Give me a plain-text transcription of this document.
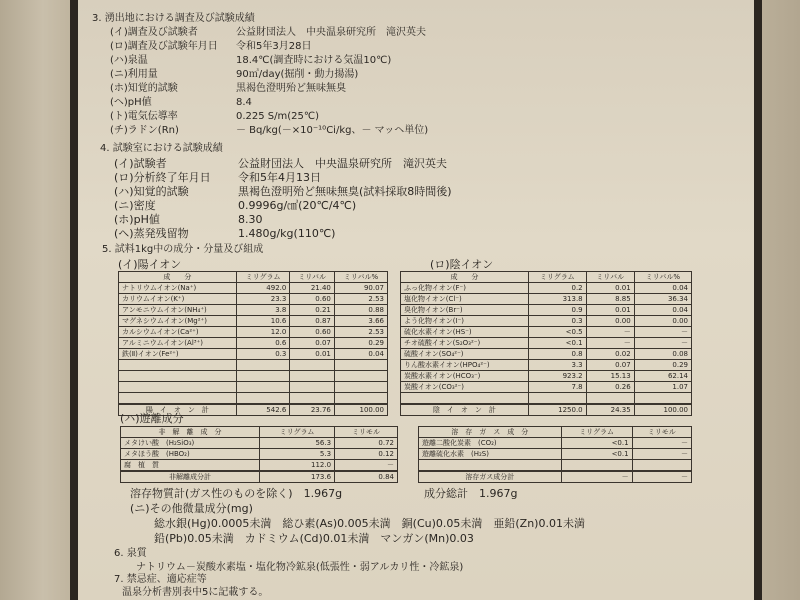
3. 湧出地における調査及び試験成績
(イ)調査及び試験者	公益財団法人　中央温泉研究所　滝沢英夫
(ロ)調査及び試験年月日 令和5年3月28日
(ハ)泉温	18.4℃(調査時における気温10℃)
(ニ)利用量	90㎥/day(掘削・動力揚湯)
(ホ)知覚的試験	黒褐色澄明殆ど無味無臭
(ヘ)pH値	8.4
(ト)電気伝導率	0.225 S/m(25℃)
(チ)ラドン(Rn)	－ Bq/kg(－×10⁻¹⁰Ci/kg、－ マッヘ単位)
4. 試験室における試験成績
(イ)試験者	公益財団法人　中央温泉研究所　滝沢英夫
(ロ)分析終了年月日 令和5年4月13日
(ハ)知覚的試験	黒褐色澄明殆ど無味無臭(試料採取8時間後)
(ニ)密度	0.9996g/㎤(20℃/4℃)
(ホ)pH値	8.30
(ヘ)蒸発残留物	1.480g/kg(110℃)
5. 試料1kg中の成分・分量及び組成
(イ)陽イオン	(ロ)陰イオン
成　　分	ミリグラム	ミリバル	ミリバル%
ナトリウムイオン(Na⁺)	492.0	21.40	90.07
カリウムイオン(K⁺)	23.3	0.60	2.53
アンモニウムイオン(NH₄⁺)	3.8	0.21	0.88
マグネシウムイオン(Mg²⁺)	10.6	0.87	3.66
カルシウムイオン(Ca²⁺)	12.0	0.60	2.53
アルミニウムイオン(Al³⁺)	0.6	0.07	0.29
鉄(Ⅱ)イオン(Fe²⁺)	0.3	0.01	0.04

陽　イ　オ　ン　計	542.6	23.76	100.00
成　　分	ミリグラム	ミリバル	ミリバル%
ふっ化物イオン(F⁻)	0.2	0.01	0.04
塩化物イオン(Cl⁻)	313.8	8.85	36.34
臭化物イオン(Br⁻)	0.9	0.01	0.04
よう化物イオン(I⁻)	0.3	0.00	0.00
硫化水素イオン(HS⁻)	<0.5	－	－
チオ硫酸イオン(S₂O₃²⁻)	<0.1	－	－
硫酸イオン(SO₄²⁻)	0.8	0.02	0.08
りん酸水素イオン(HPO₄²⁻)	3.3	0.07	0.29
炭酸水素イオン(HCO₃⁻)	923.2	15.13	62.14
炭酸イオン(CO₃²⁻)	7.8	0.26	1.07

陰　イ　オ　ン　計	1250.0	24.35	100.00
(ハ)遊離成分
非　解　離　成　分	ミリグラム	ミリモル
メタけい酸　(H₂SiO₃)	56.3	0.72
メタほう酸　(HBO₂)	5.3	0.12
腐　植　質	112.0	－
非解離成分計	173.6	0.84
溶　存　ガ　ス　成　分	ミリグラム	ミリモル
遊離二酸化炭素　(CO₂)	<0.1	－
遊離硫化水素　(H₂S)	<0.1	－

溶存ガス成分計	－	－
溶存物質計(ガス性のものを除く)　1.967g	成分総計　1.967g
(ニ)その他微量成分(mg)
総水銀(Hg)0.0005未満　総ひ素(As)0.005未満　銅(Cu)0.05未満　亜鉛(Zn)0.01未満
鉛(Pb)0.05未満　カドミウム(Cd)0.01未満　マンガン(Mn)0.03
6. 泉質
ナトリウム－炭酸水素塩・塩化物冷鉱泉(低張性・弱アルカリ性・冷鉱泉)
7. 禁忌症、適応症等
温泉分析書別表中5に記載する。
